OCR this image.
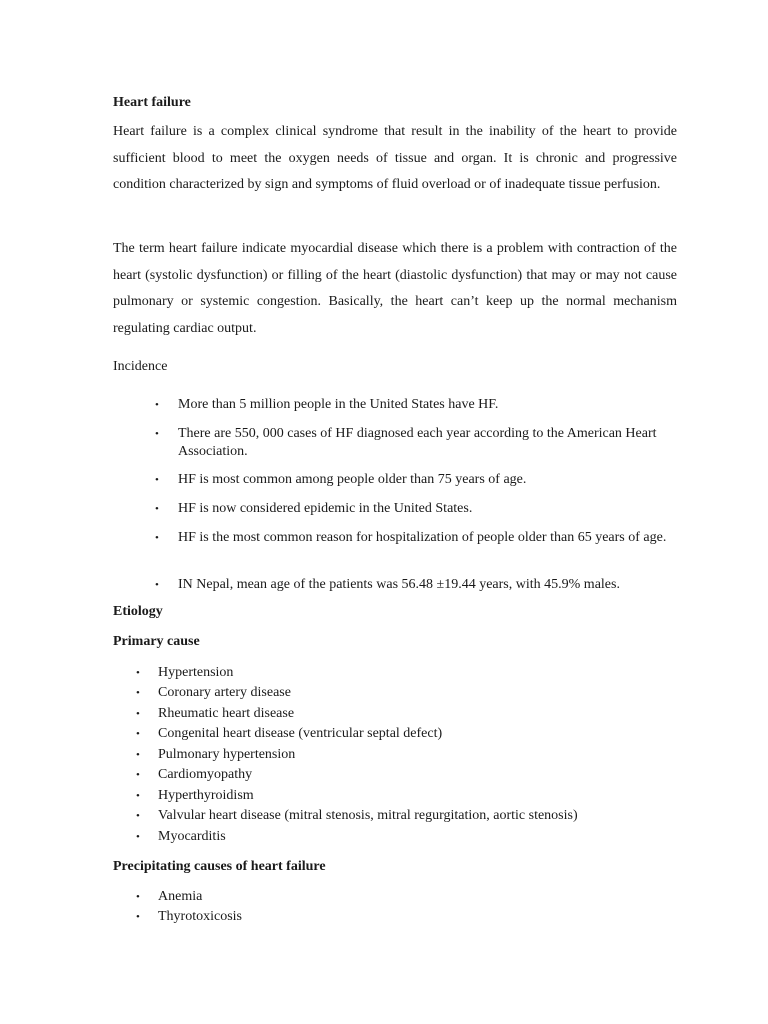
Heart failure

Heart failure is a complex clinical syndrome that result in the inability of the heart to provide sufficient blood to meet the oxygen needs of tissue and organ. It is chronic and progressive condition characterized by sign and symptoms of fluid overload or of inadequate tissue perfusion.

The term heart failure indicate myocardial disease which there is a problem with contraction of the heart (systolic dysfunction) or filling of the heart (diastolic dysfunction) that may or may not cause pulmonary or systemic congestion. Basically, the heart can’t keep up the normal mechanism regulating cardiac output.

Incidence
• More than 5 million people in the United States have HF.
• There are 550, 000 cases of HF diagnosed each year according to the American Heart Association.
• HF is most common among people older than 75 years of age.
• HF is now considered epidemic in the United States.
• HF is the most common reason for hospitalization of people older than 65 years of age.
• IN Nepal, mean age of the patients was 56.48 ±19.44 years, with 45.9% males.
Etiology
Primary cause
• Hypertension
• Coronary artery disease
• Rheumatic heart disease
• Congenital heart disease (ventricular septal defect)
• Pulmonary hypertension
• Cardiomyopathy
• Hyperthyroidism
• Valvular heart disease (mitral stenosis, mitral regurgitation, aortic stenosis)
• Myocarditis
Precipitating causes of heart failure
• Anemia
• Thyrotoxicosis
